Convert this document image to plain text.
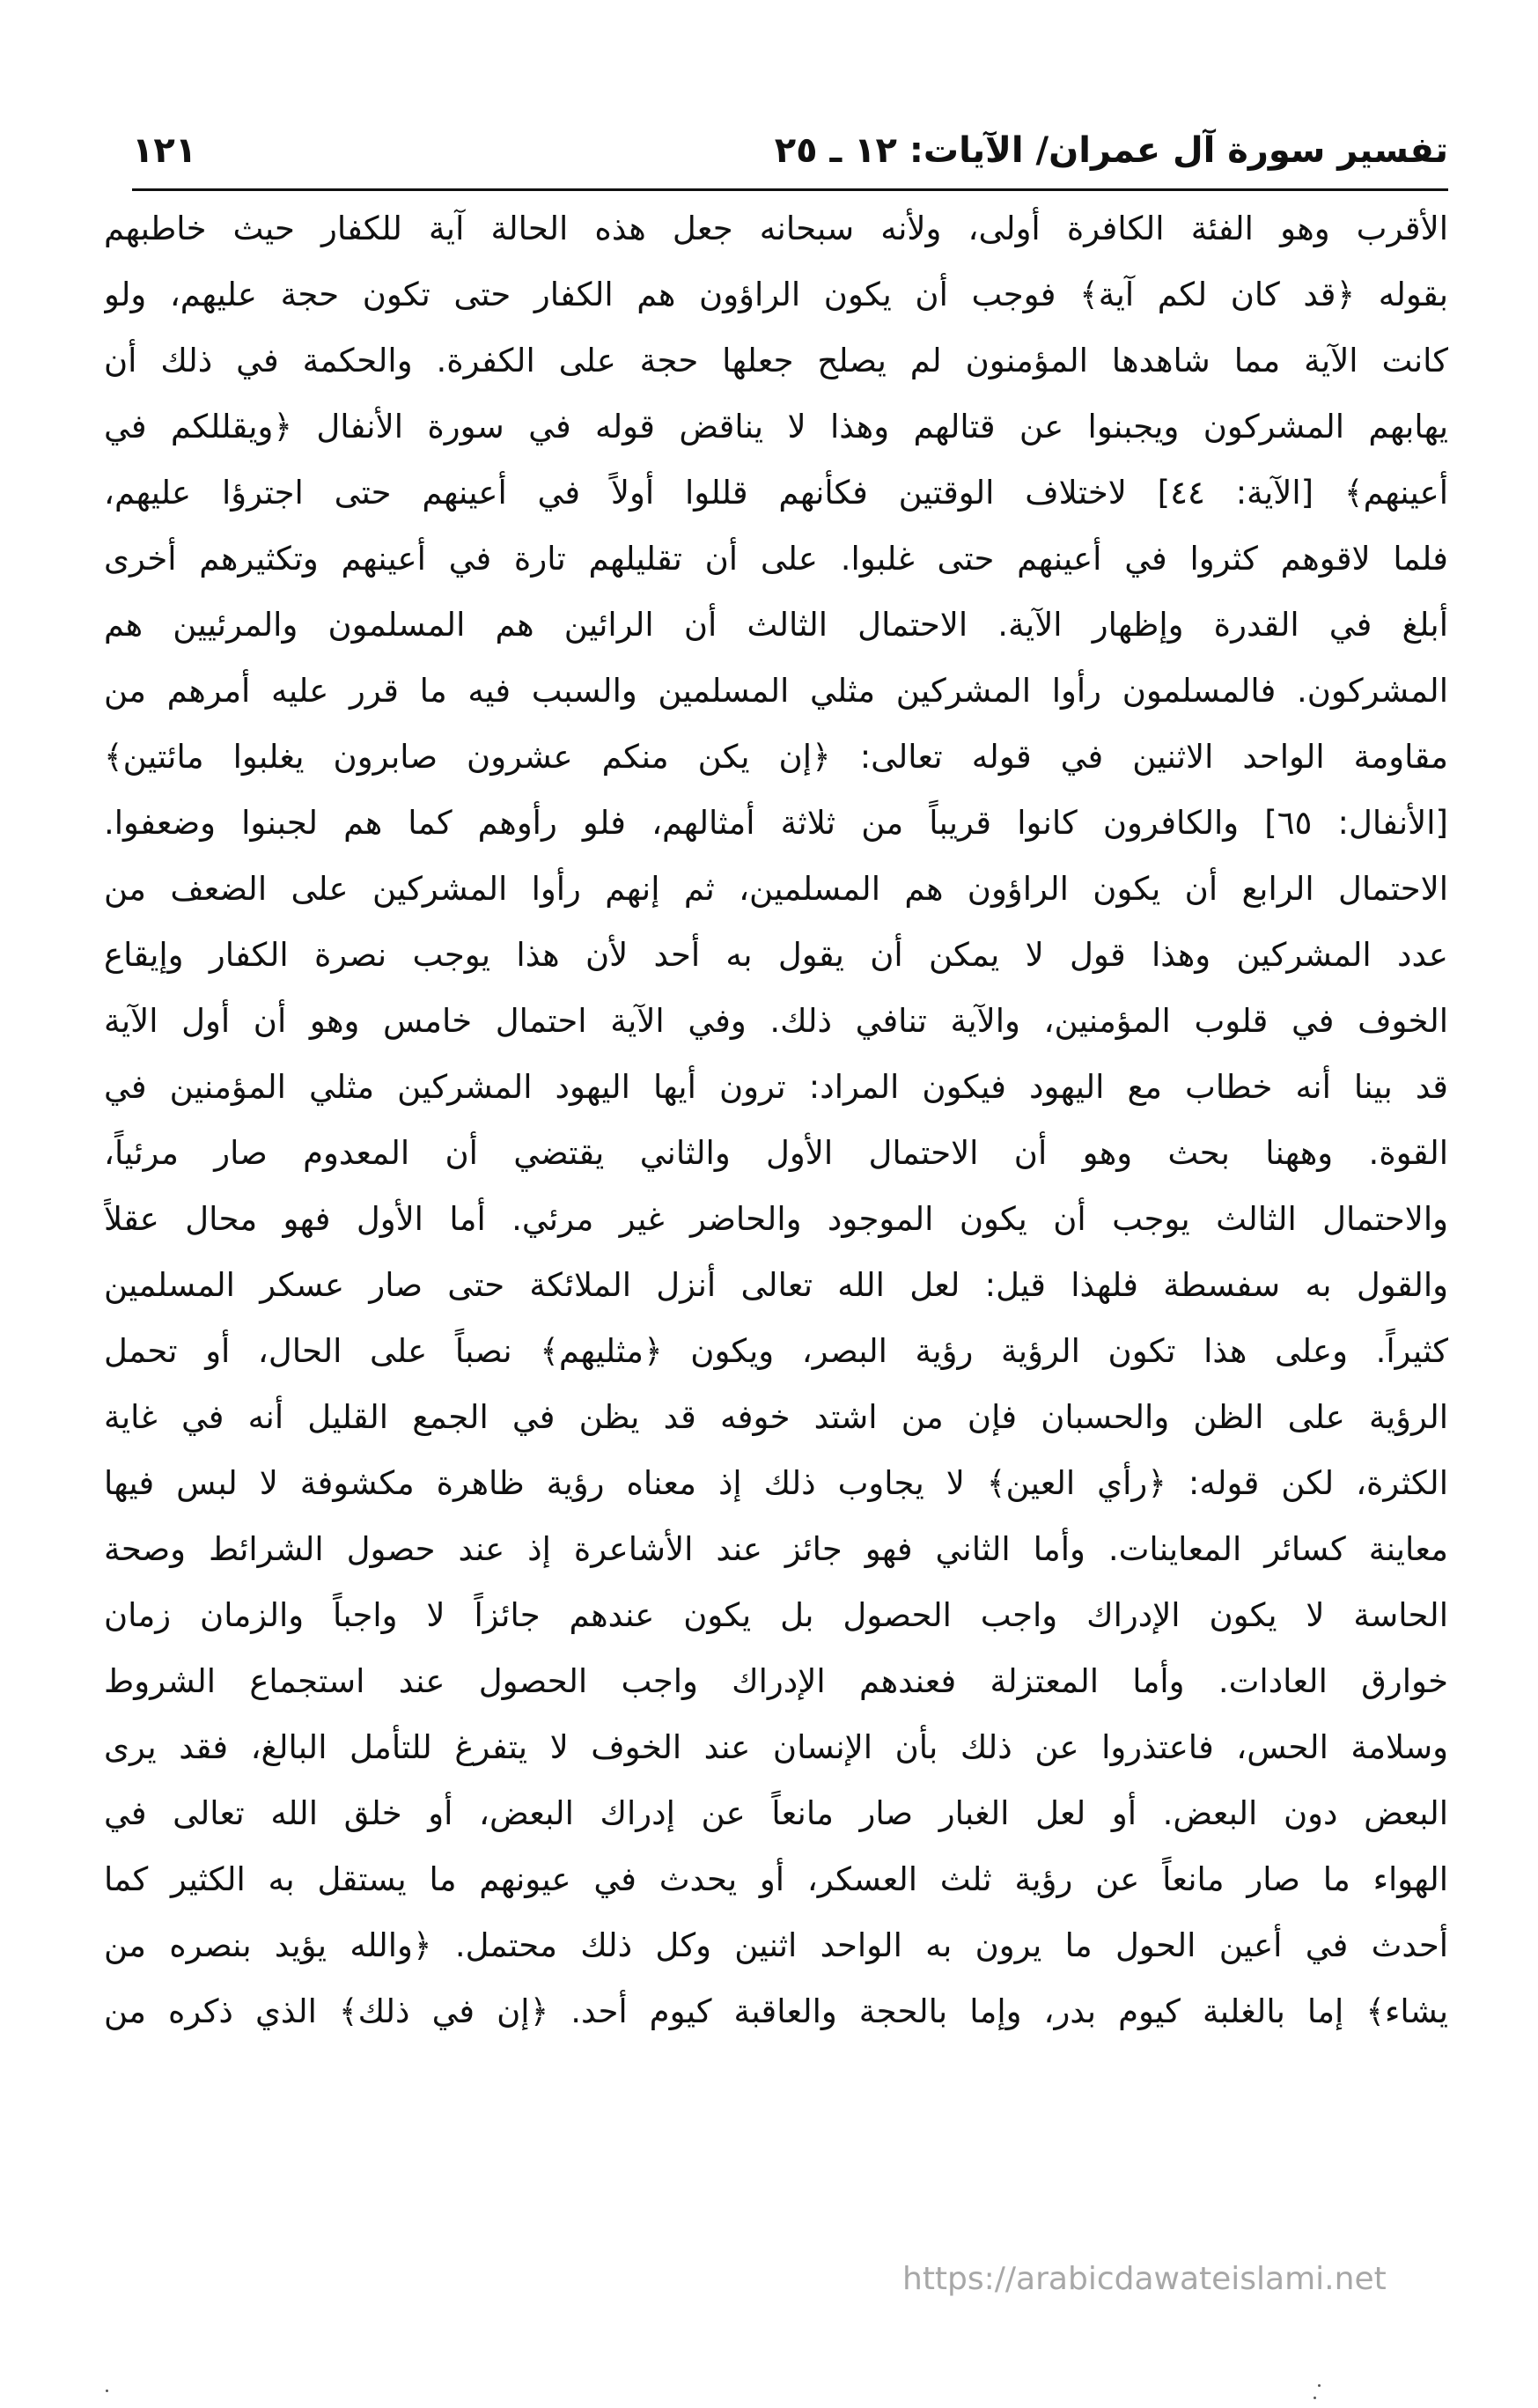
تفسير سورة آل عمران/ الآيات: ١٢ ـ ٢٥
١٢١
الأقرب وهو الفئة الكافرة أولى، ولأنه سبحانه جعل هذه الحالة آية للكفار حيث خاطبهم
بقوله ﴿قد كان لكم آية﴾ فوجب أن يكون الراؤون هم الكفار حتى تكون حجة عليهم، ولو
كانت الآية مما شاهدها المؤمنون لم يصلح جعلها حجة على الكفرة. والحكمة في ذلك أن
يهابهم المشركون ويجبنوا عن قتالهم وهذا لا يناقض قوله في سورة الأنفال ﴿ويقللكم في
أعينهم﴾ [الآية: ٤٤] لاختلاف الوقتين فكأنهم قللوا أولاً في أعينهم حتى اجترؤا عليهم،
فلما لاقوهم كثروا في أعينهم حتى غلبوا. على أن تقليلهم تارة في أعينهم وتكثيرهم أخرى
أبلغ في القدرة وإظهار الآية. الاحتمال الثالث أن الرائين هم المسلمون والمرئيين هم
المشركون. فالمسلمون رأوا المشركين مثلي المسلمين والسبب فيه ما قرر عليه أمرهم من
مقاومة الواحد الاثنين في قوله تعالى: ﴿إن يكن منكم عشرون صابرون يغلبوا مائتين﴾
[الأنفال: ٦٥] والكافرون كانوا قريباً من ثلاثة أمثالهم، فلو رأوهم كما هم لجبنوا وضعفوا.
الاحتمال الرابع أن يكون الراؤون هم المسلمين، ثم إنهم رأوا المشركين على الضعف من
عدد المشركين وهذا قول لا يمكن أن يقول به أحد لأن هذا يوجب نصرة الكفار وإيقاع
الخوف في قلوب المؤمنين، والآية تنافي ذلك. وفي الآية احتمال خامس وهو أن أول الآية
قد بينا أنه خطاب مع اليهود فيكون المراد: ترون أيها اليهود المشركين مثلي المؤمنين في
القوة. وههنا بحث وهو أن الاحتمال الأول والثاني يقتضي أن المعدوم صار مرئياً،
والاحتمال الثالث يوجب أن يكون الموجود والحاضر غير مرئي. أما الأول فهو محال عقلاً
والقول به سفسطة فلهذا قيل: لعل الله تعالى أنزل الملائكة حتى صار عسكر المسلمين
كثيراً. وعلى هذا تكون الرؤية رؤية البصر، ويكون ﴿مثليهم﴾ نصباً على الحال، أو تحمل
الرؤية على الظن والحسبان فإن من اشتد خوفه قد يظن في الجمع القليل أنه في غاية
الكثرة، لكن قوله: ﴿رأي العين﴾ لا يجاوب ذلك إذ معناه رؤية ظاهرة مكشوفة لا لبس فيها
معاينة كسائر المعاينات. وأما الثاني فهو جائز عند الأشاعرة إذ عند حصول الشرائط وصحة
الحاسة لا يكون الإدراك واجب الحصول بل يكون عندهم جائزاً لا واجباً والزمان زمان
خوارق العادات. وأما المعتزلة فعندهم الإدراك واجب الحصول عند استجماع الشروط
وسلامة الحس، فاعتذروا عن ذلك بأن الإنسان عند الخوف لا يتفرغ للتأمل البالغ، فقد يرى
البعض دون البعض. أو لعل الغبار صار مانعاً عن إدراك البعض، أو خلق الله تعالى في
الهواء ما صار مانعاً عن رؤية ثلث العسكر، أو يحدث في عيونهم ما يستقل به الكثير كما
أحدث في أعين الحول ما يرون به الواحد اثنين وكل ذلك محتمل. ﴿والله يؤيد بنصره من
يشاء﴾ إما بالغلبة كيوم بدر، وإما بالحجة والعاقبة كيوم أحد. ﴿إن في ذلك﴾ الذي ذكره من
https://arabicdawateislami.net
